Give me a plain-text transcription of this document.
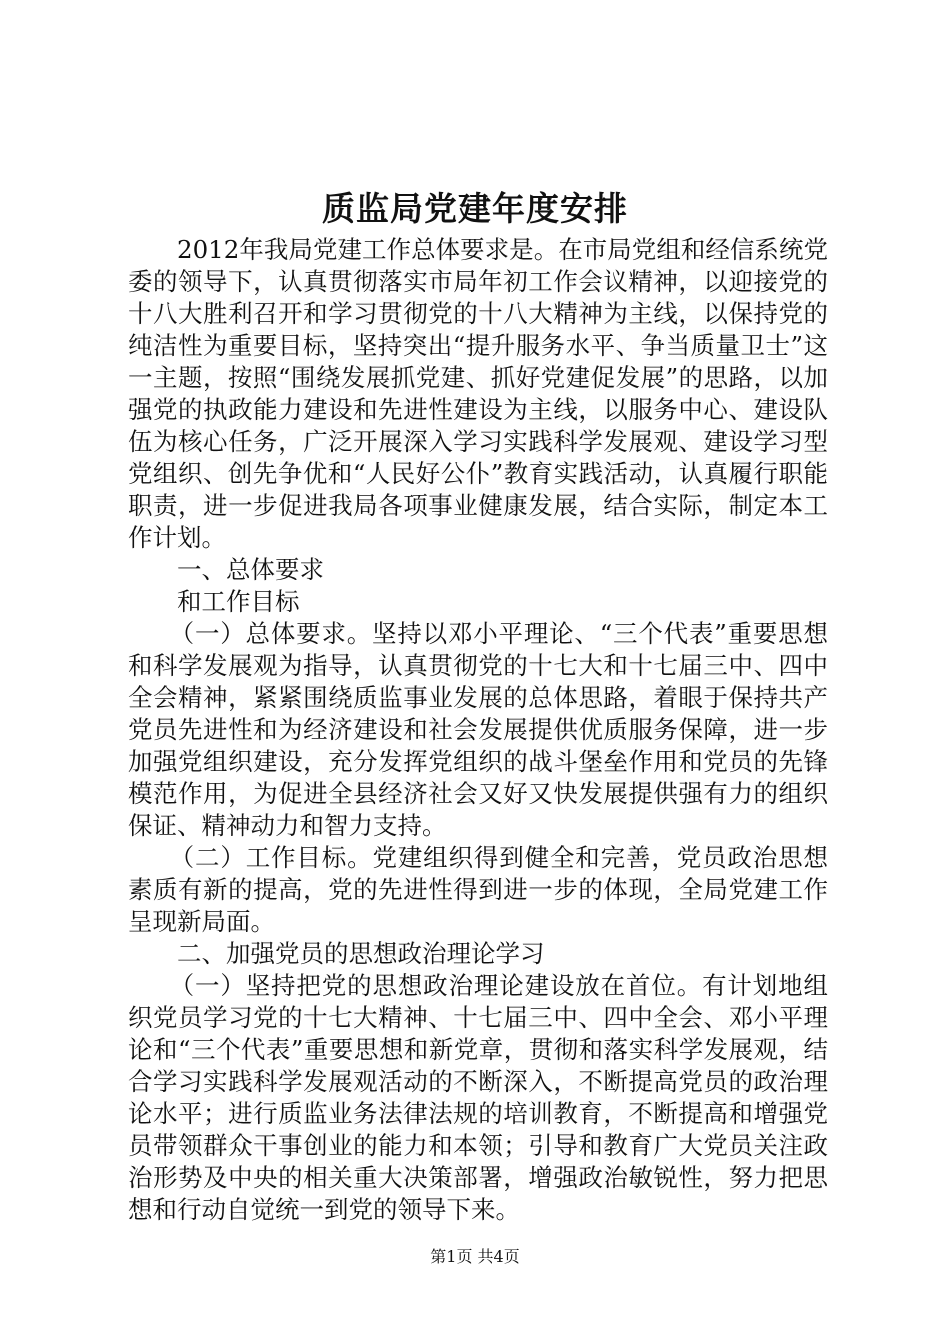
质监局党建年度安排

2012年我局党建工作总体要求是。在市局党组和经信系统党委的领导下，认真贯彻落实市局年初工作会议精神，以迎接党的十八大胜利召开和学习贯彻党的十八大精神为主线，以保持党的纯洁性为重要目标，坚持突出“提升服务水平、争当质量卫士”这一主题，按照“围绕发展抓党建、抓好党建促发展”的思路，以加强党的执政能力建设和先进性建设为主线，以服务中心、建设队伍为核心任务，广泛开展深入学习实践科学发展观、建设学习型党组织、创先争优和“人民好公仆”教育实践活动，认真履行职能职责，进一步促进我局各项事业健康发展，结合实际，制定本工作计划。

一、总体要求

和工作目标

（一）总体要求。坚持以邓小平理论、“三个代表”重要思想和科学发展观为指导，认真贯彻党的十七大和十七届三中、四中全会精神，紧紧围绕质监事业发展的总体思路，着眼于保持共产党员先进性和为经济建设和社会发展提供优质服务保障，进一步加强党组织建设，充分发挥党组织的战斗堡垒作用和党员的先锋模范作用，为促进全县经济社会又好又快发展提供强有力的组织保证、精神动力和智力支持。

（二）工作目标。党建组织得到健全和完善，党员政治思想素质有新的提高，党的先进性得到进一步的体现，全局党建工作呈现新局面。

二、加强党员的思想政治理论学习

（一）坚持把党的思想政治理论建设放在首位。有计划地组织党员学习党的十七大精神、十七届三中、四中全会、邓小平理论和“三个代表”重要思想和新党章，贯彻和落实科学发展观，结合学习实践科学发展观活动的不断深入，不断提高党员的政治理论水平；进行质监业务法律法规的培训教育，不断提高和增强党员带领群众干事创业的能力和本领；引导和教育广大党员关注政治形势及中央的相关重大决策部署，增强政治敏锐性，努力把思想和行动自觉统一到党的领导下来。

第1页 共4页
